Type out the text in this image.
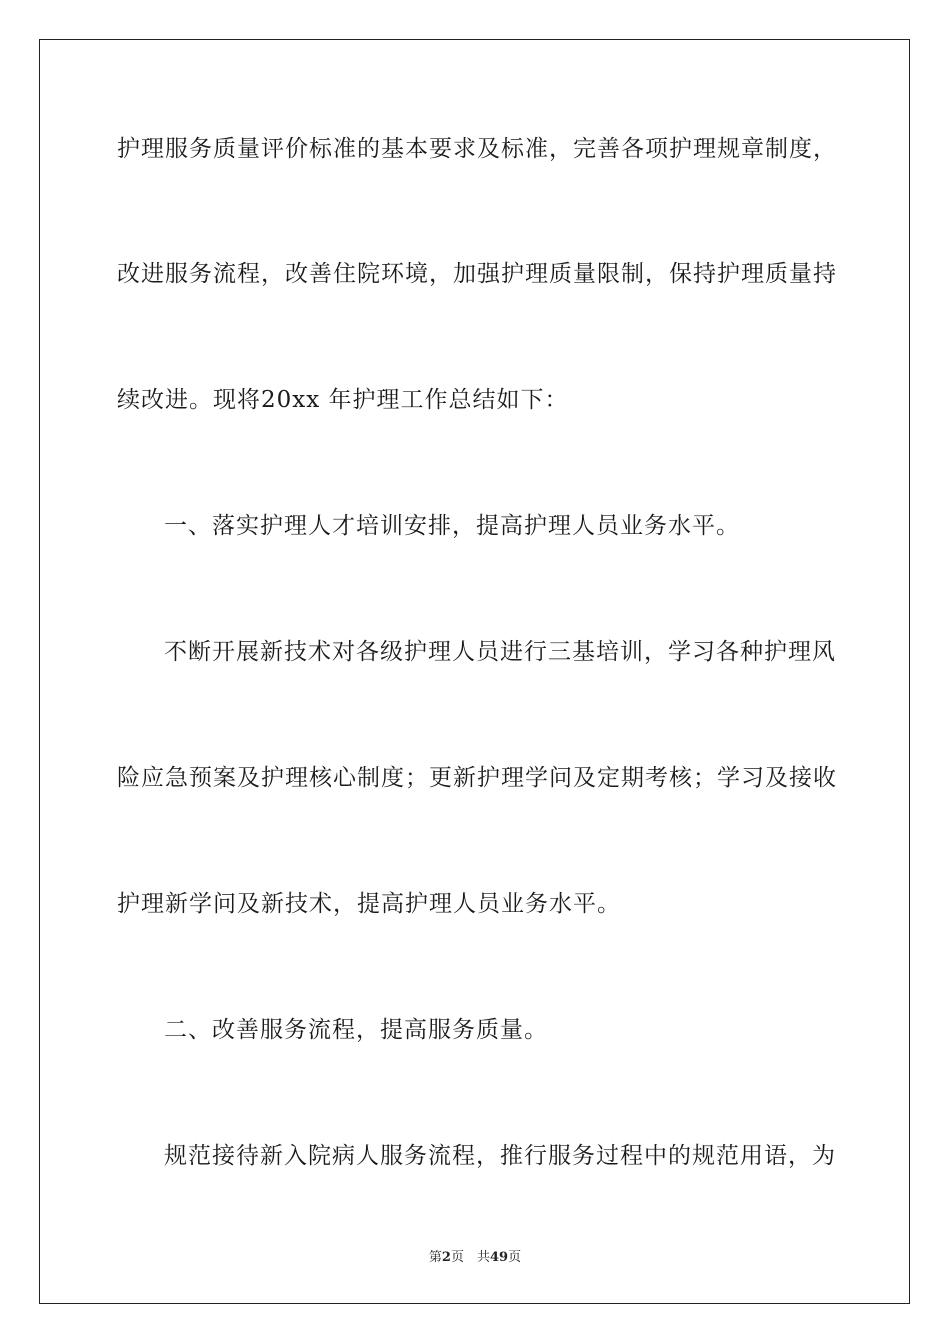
护理服务质量评价标准的基本要求及标准，完善各项护理规章制度，
改进服务流程，改善住院环境，加强护理质量限制，保持护理质量持
续改进。现将20xx 年护理工作总结如下：
一、落实护理人才培训安排，提高护理人员业务水平。
不断开展新技术对各级护理人员进行三基培训，学习各种护理风
险应急预案及护理核心制度；更新护理学问及定期考核；学习及接收
护理新学问及新技术，提高护理人员业务水平。
二、改善服务流程，提高服务质量。
规范接待新入院病人服务流程，推行服务过程中的规范用语，为
第2页　共49页
